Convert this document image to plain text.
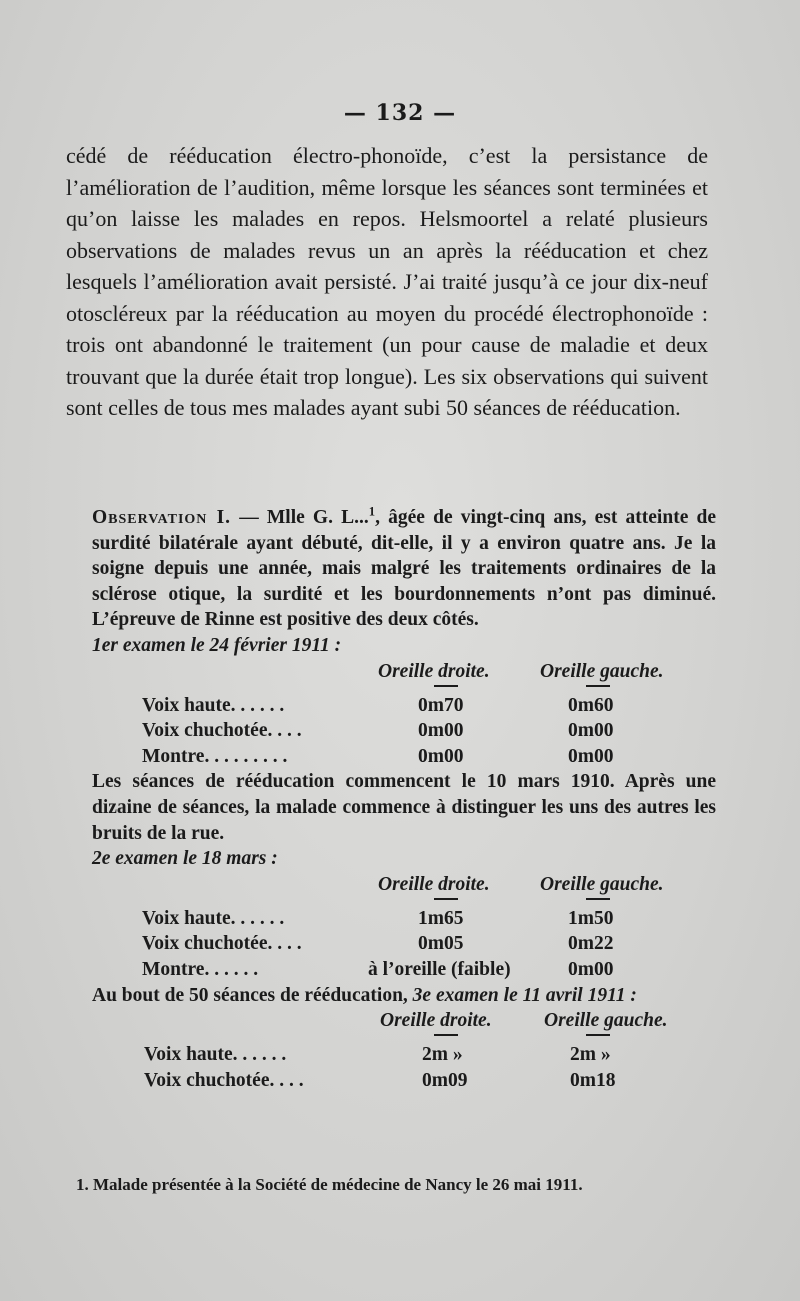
— 132 —

cédé de rééducation électro-phonoïde, c’est la persistance de l’amélioration de l’audition, même lorsque les séances sont terminées et qu’on laisse les malades en repos. Helsmoortel a relaté plusieurs observations de malades revus un an après la rééducation et chez lesquels l’amélioration avait persisté. J’ai traité jusqu’à ce jour dix-neuf otoscléreux par la rééducation au moyen du procédé électrophonoïde : trois ont abandonné le traitement (un pour cause de maladie et deux trouvant que la durée était trop longue). Les six observations qui suivent sont celles de tous mes malades ayant subi 50 séances de rééducation.

Observation I. — Mlle G. L...$^1$, âgée de vingt-cinq ans, est atteinte de surdité bilatérale ayant débuté, dit-elle, il y a environ quatre ans. Je la soigne depuis une année, mais malgré les traitements ordinaires de la sclérose otique, la surdité et les bourdonnements n’ont pas diminué. L’épreuve de Rinne est positive des deux côtés.

1er examen le 24 février 1911 :
Oreille droite.	Oreille gauche.
Voix haute. . . . . .	0m70	0m60
Voix chuchotée. . . .	0m00	0m00
Montre. . . . . . . . .	0m00	0m00

Les séances de rééducation commencent le 10 mars 1910. Après une dizaine de séances, la malade commence à distinguer les uns des autres les bruits de la rue.

2e examen le 18 mars :
Oreille droite.	Oreille gauche.
Voix haute. . . . . .	1m65	1m50
Voix chuchotée. . . .	0m05	0m22
Montre. . . . . .	à l’oreille (faible)	0m00

Au bout de 50 séances de rééducation, 3e examen le 11 avril 1911 :

Oreille droite.	Oreille gauche.
Voix haute. . . . . .	2m »	2m »
Voix chuchotée. . . .	0m09	0m18
1. Malade présentée à la Société de médecine de Nancy le 26 mai 1911.
